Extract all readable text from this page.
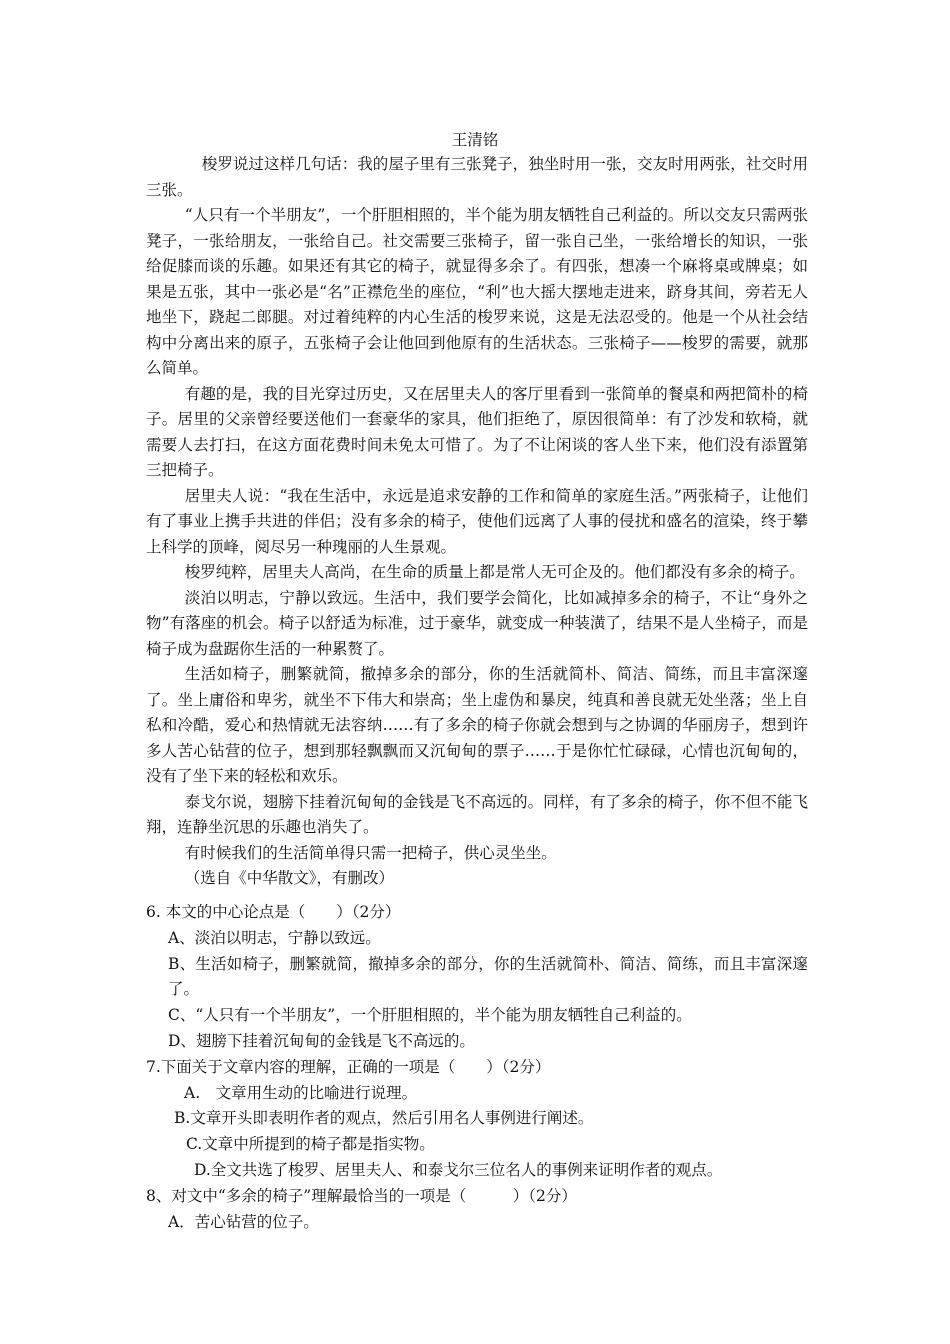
王清铭

梭罗说过这样几句话：我的屋子里有三张凳子，独坐时用一张，交友时用两张，社交时用三张。

“人只有一个半朋友”，一个肝胆相照的，半个能为朋友牺牲自己利益的。所以交友只需两张凳子，一张给朋友，一张给自己。社交需要三张椅子，留一张自己坐，一张给增长的知识，一张给促膝而谈的乐趣。如果还有其它的椅子，就显得多余了。有四张，想凑一个麻将桌或牌桌；如果是五张，其中一张必是“名”正襟危坐的座位，“利”也大摇大摆地走进来，跻身其间，旁若无人地坐下，跷起二郎腿。对过着纯粹的内心生活的梭罗来说，这是无法忍受的。他是一个从社会结构中分离出来的原子，五张椅子会让他回到他原有的生活状态。三张椅子——梭罗的需要，就那么简单。

有趣的是，我的目光穿过历史，又在居里夫人的客厅里看到一张简单的餐桌和两把简朴的椅子。居里的父亲曾经要送他们一套豪华的家具，他们拒绝了，原因很简单：有了沙发和软椅，就需要人去打扫，在这方面花费时间未免太可惜了。为了不让闲谈的客人坐下来，他们没有添置第三把椅子。

居里夫人说：“我在生活中，永远是追求安静的工作和简单的家庭生活。”两张椅子，让他们有了事业上携手共进的伴侣；没有多余的椅子，使他们远离了人事的侵扰和盛名的渲染，终于攀上科学的顶峰，阅尽另一种瑰丽的人生景观。

梭罗纯粹，居里夫人高尚，在生命的质量上都是常人无可企及的。他们都没有多余的椅子。

淡泊以明志，宁静以致远。生活中，我们要学会简化，比如减掉多余的椅子，不让“身外之物”有落座的机会。椅子以舒适为标准，过于豪华，就变成一种装潢了，结果不是人坐椅子，而是椅子成为盘踞你生活的一种累赘了。

生活如椅子，删繁就简，撤掉多余的部分，你的生活就简朴、简洁、简练，而且丰富深邃了。坐上庸俗和卑劣，就坐不下伟大和崇高；坐上虚伪和暴戾，纯真和善良就无处坐落；坐上自私和冷酷，爱心和热情就无法容纳……有了多余的椅子你就会想到与之协调的华丽房子，想到许多人苦心钻营的位子，想到那轻飘飘而又沉甸甸的票子……于是你忙忙碌碌，心情也沉甸甸的，没有了坐下来的轻松和欢乐。

泰戈尔说，翅膀下挂着沉甸甸的金钱是飞不高远的。同样，有了多余的椅子，你不但不能飞翔，连静坐沉思的乐趣也消失了。

有时候我们的生活简单得只需一把椅子，供心灵坐坐。

（选自《中华散文》，有删改）

6. 本文的中心论点是（　　）（2分）

A、淡泊以明志，宁静以致远。

B、生活如椅子，删繁就简，撤掉多余的部分，你的生活就简朴、简洁、简练，而且丰富深邃了。

C、“人只有一个半朋友”，一个肝胆相照的，半个能为朋友牺牲自己利益的。

D、翅膀下挂着沉甸甸的金钱是飞不高远的。

7.下面关于文章内容的理解，正确的一项是（　　）（2分）

A.　文章用生动的比喻进行说理。

B.文章开头即表明作者的观点，然后引用名人事例进行阐述。

C.文章中所提到的椅子都是指实物。

D.全文共选了梭罗、居里夫人、和泰戈尔三位名人的事例来证明作者的观点。

8、对文中“多余的椅子”理解最恰当的一项是（　　　）（2分）

A．苦心钻营的位子。
